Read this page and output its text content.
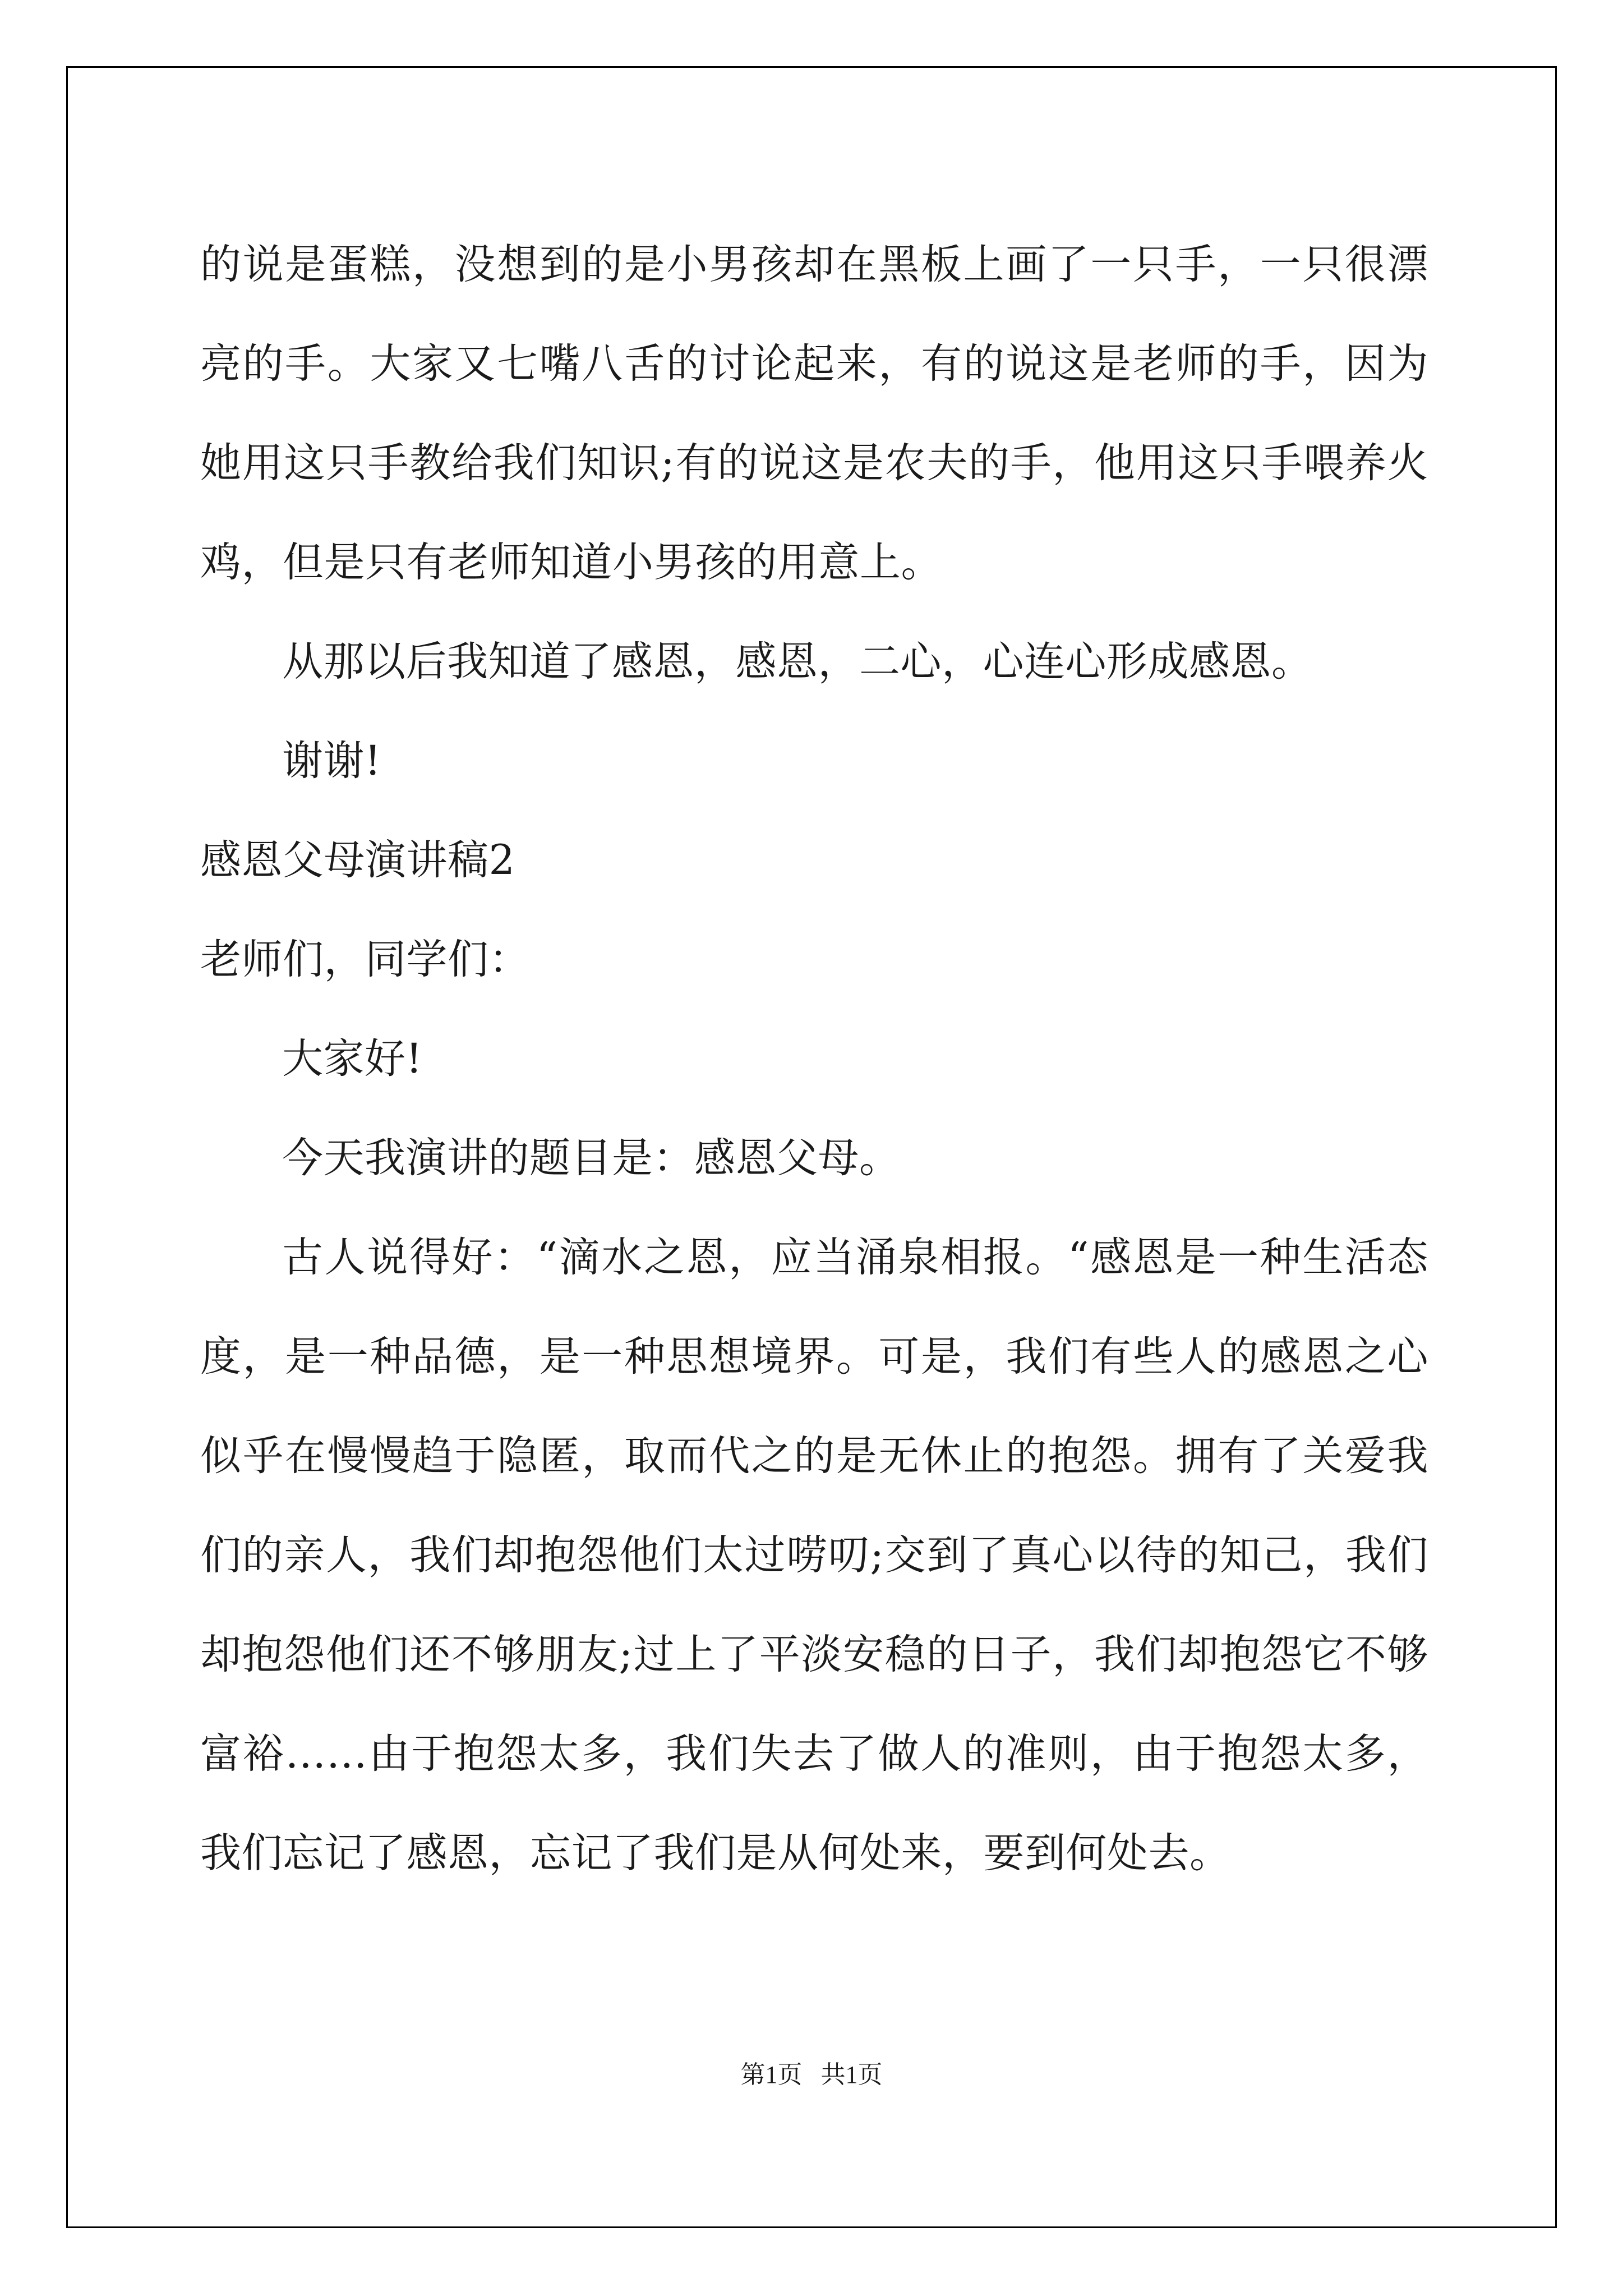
的说是蛋糕，没想到的是小男孩却在黑板上画了一只手，一只很漂亮的手。大家又七嘴八舌的讨论起来，有的说这是老师的手，因为她用这只手教给我们知识;有的说这是农夫的手，他用这只手喂养火鸡，但是只有老师知道小男孩的用意上。

从那以后我知道了感恩，感恩，二心，心连心形成感恩。

谢谢!

感恩父母演讲稿2

老师们，同学们：

大家好!

今天我演讲的题目是：感恩父母。

古人说得好：“滴水之恩，应当涌泉相报。“感恩是一种生活态度，是一种品德，是一种思想境界。可是，我们有些人的感恩之心似乎在慢慢趋于隐匿，取而代之的是无休止的抱怨。拥有了关爱我们的亲人，我们却抱怨他们太过唠叨;交到了真心以待的知己，我们却抱怨他们还不够朋友;过上了平淡安稳的日子，我们却抱怨它不够富裕……由于抱怨太多，我们失去了做人的准则，由于抱怨太多，我们忘记了感恩，忘记了我们是从何处来，要到何处去。

第1页   共1页
